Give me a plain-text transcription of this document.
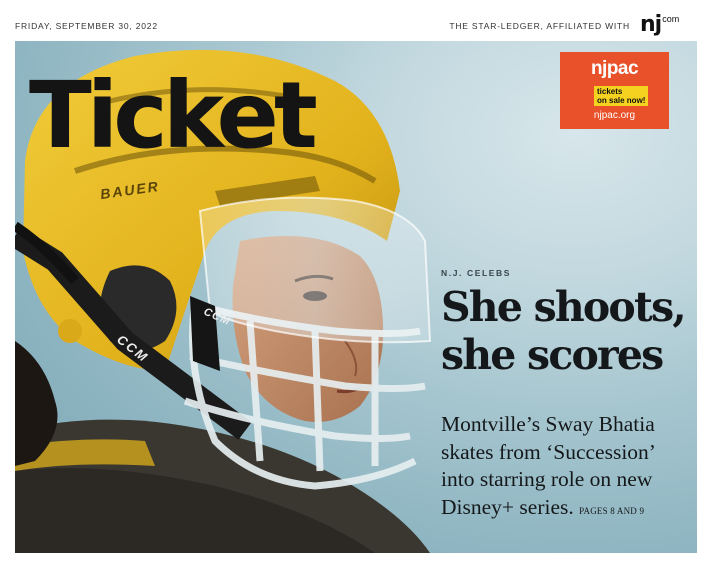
FRIDAY, SEPTEMBER 30, 2022	THE STAR-LEDGER, AFFILIATED WITH nj com
Ticket
BAUER
CCM
CCM
njpac
tickets
on sale now!
njpac.org
N.J. CELEBS
She shoots,
she scores
Montville’s Sway Bhatia
skates from ‘Succession’
into starring role on new
Disney+ series. PAGES 8 AND 9
